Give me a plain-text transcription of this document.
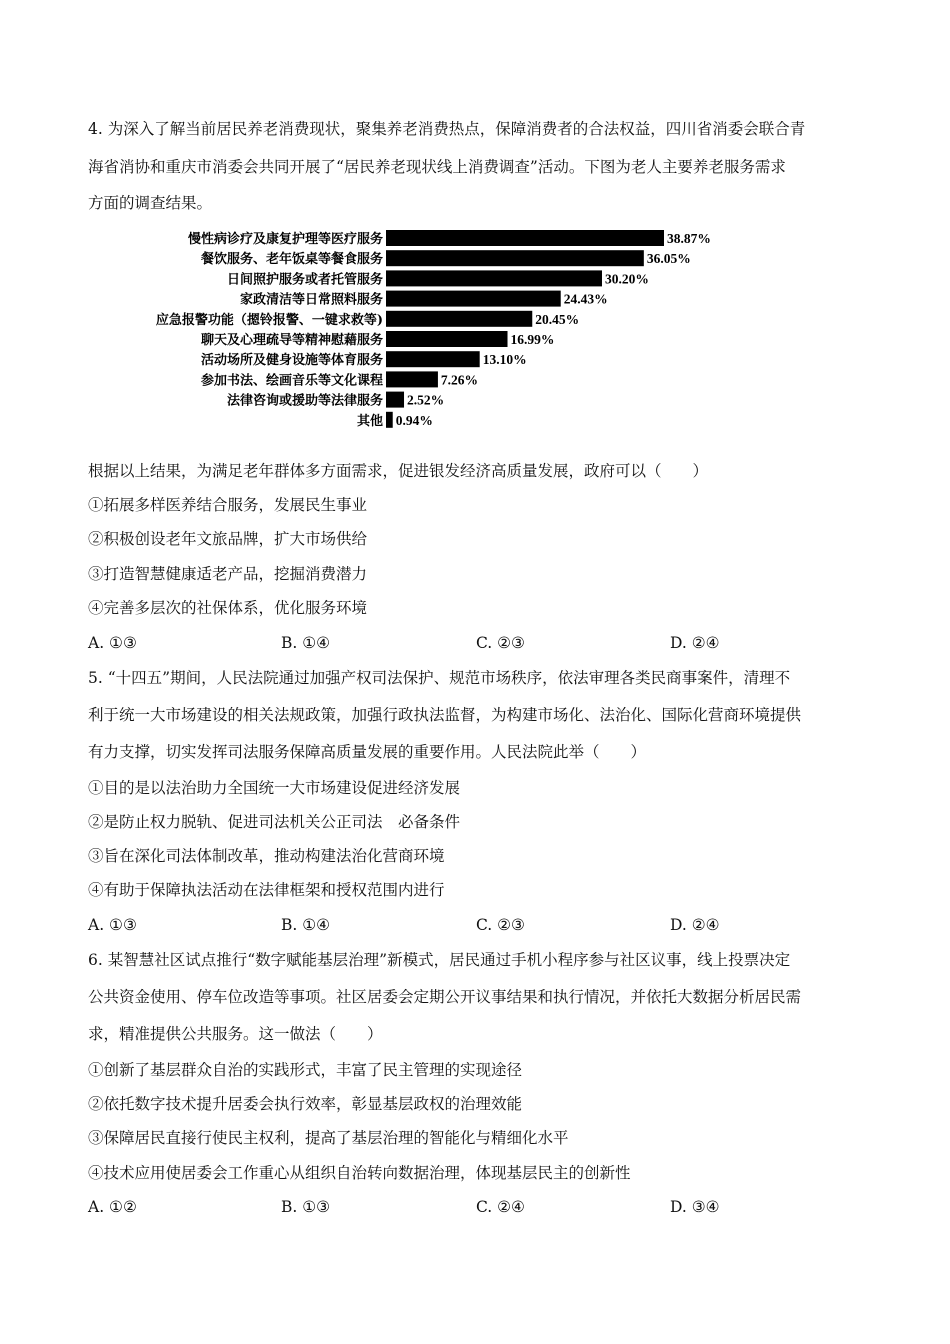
4. 为深入了解当前居民养老消费现状，聚集养老消费热点，保障消费者的合法权益，四川省消委会联合青
海省消协和重庆市消委会共同开展了“居民养老现状线上消费调查”活动。下图为老人主要养老服务需求
方面的调查结果。
慢性病诊疗及康复护理等医疗服务	38.87%
餐饮服务、老年饭桌等餐食服务	36.05%
日间照护服务或者托管服务	30.20%
家政清洁等日常照料服务	24.43%
应急报警功能（摁铃报警、一键求救等)	20.45%
聊天及心理疏导等精神慰藉服务	16.99%
活动场所及健身设施等体育服务	13.10%
参加书法、绘画音乐等文化课程	7.26%
法律咨询或援助等法律服务 2.52%
其他 0.94%
根据以上结果，为满足老年群体多方面需求，促进银发经济高质量发展，政府可以（　　）
①拓展多样医养结合服务，发展民生事业
②积极创设老年文旅品牌，扩大市场供给
③打造智慧健康适老产品，挖掘消费潜力
④完善多层次的社保体系，优化服务环境
A. ①③	B. ①④	C. ②③	D. ②④
5. “十四五”期间，人民法院通过加强产权司法保护、规范市场秩序，依法审理各类民商事案件，清理不
利于统一大市场建设的相关法规政策，加强行政执法监督，为构建市场化、法治化、国际化营商环境提供
有力支撑，切实发挥司法服务保障高质量发展的重要作用。人民法院此举（　　）
①目的是以法治助力全国统一大市场建设促进经济发展
②是防止权力脱轨、促进司法机关公正司法　必备条件
③旨在深化司法体制改革，推动构建法治化营商环境
④有助于保障执法活动在法律框架和授权范围内进行
A. ①③	B. ①④	C. ②③	D. ②④
6. 某智慧社区试点推行“数字赋能基层治理”新模式，居民通过手机小程序参与社区议事，线上投票决定
公共资金使用、停车位改造等事项。社区居委会定期公开议事结果和执行情况，并依托大数据分析居民需
求，精准提供公共服务。这一做法（　　）
①创新了基层群众自治的实践形式，丰富了民主管理的实现途径
②依托数字技术提升居委会执行效率，彰显基层政权的治理效能
③保障居民直接行使民主权利，提高了基层治理的智能化与精细化水平
④技术应用使居委会工作重心从组织自治转向数据治理，体现基层民主的创新性
A. ①②	B. ①③	C. ②④	D. ③④
